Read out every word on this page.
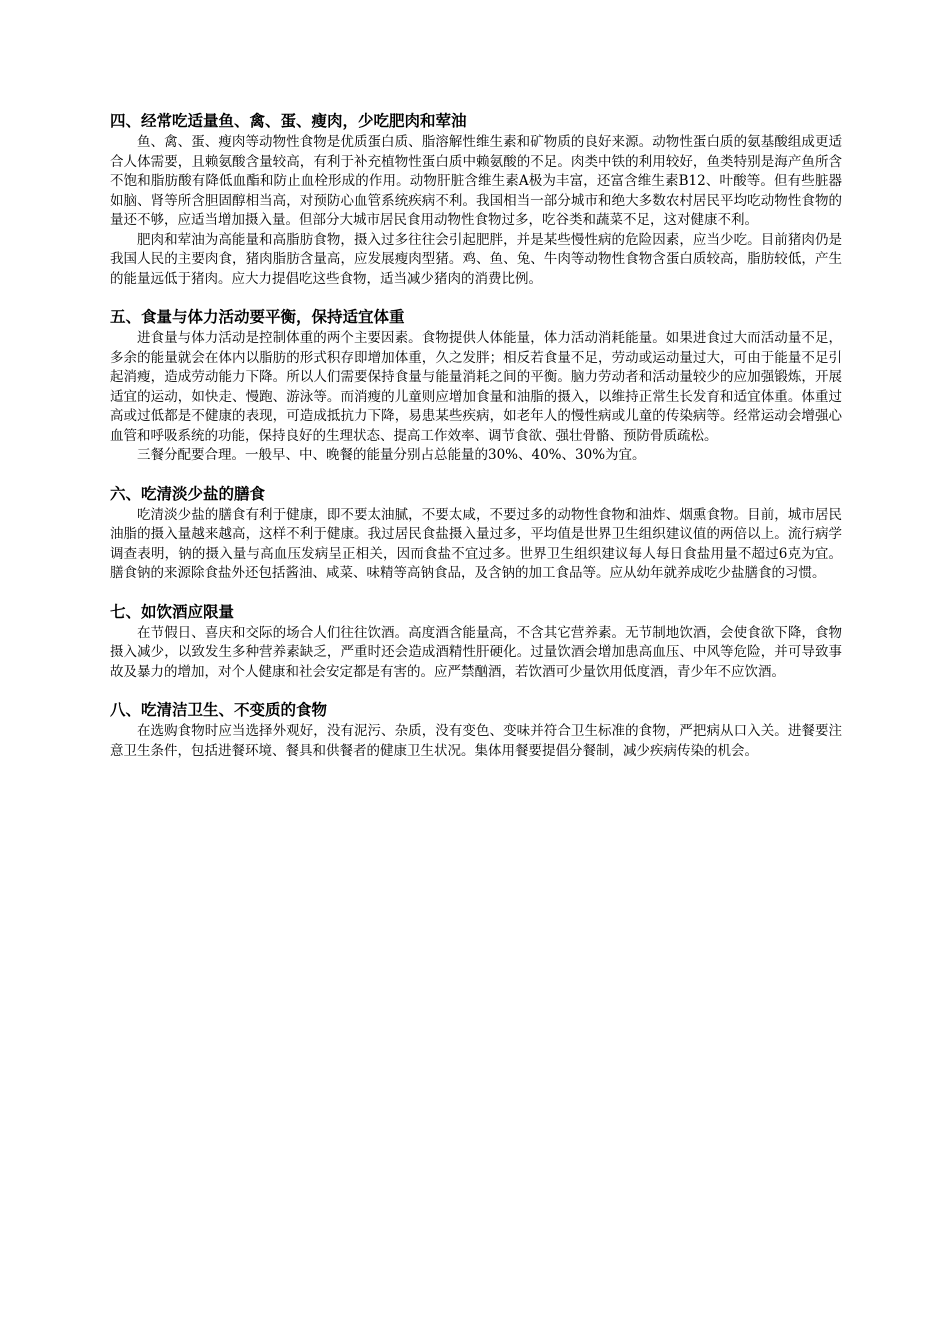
四、经常吃适量鱼、禽、蛋、瘦肉，少吃肥肉和荤油

鱼、禽、蛋、瘦肉等动物性食物是优质蛋白质、脂溶解性维生素和矿物质的良好来源。动物性蛋白质的氨基酸组成更适合人体需要，且赖氨酸含量较高，有利于补充植物性蛋白质中赖氨酸的不足。肉类中铁的利用较好，鱼类特别是海产鱼所含不饱和脂肪酸有降低血酯和防止血栓形成的作用。动物肝脏含维生素A极为丰富，还富含维生素B12、叶酸等。但有些脏器如脑、肾等所含胆固醇相当高，对预防心血管系统疾病不利。我国相当一部分城市和绝大多数农村居民平均吃动物性食物的量还不够，应适当增加摄入量。但部分大城市居民食用动物性食物过多，吃谷类和蔬菜不足，这对健康不利。

肥肉和荤油为高能量和高脂肪食物，摄入过多往往会引起肥胖，并是某些慢性病的危险因素，应当少吃。目前猪肉仍是我国人民的主要肉食，猪肉脂肪含量高，应发展瘦肉型猪。鸡、鱼、兔、牛肉等动物性食物含蛋白质较高，脂肪较低，产生的能量远低于猪肉。应大力提倡吃这些食物，适当减少猪肉的消费比例。

五、食量与体力活动要平衡，保持适宜体重

进食量与体力活动是控制体重的两个主要因素。食物提供人体能量，体力活动消耗能量。如果进食过大而活动量不足，多余的能量就会在体内以脂肪的形式积存即增加体重，久之发胖；相反若食量不足，劳动或运动量过大，可由于能量不足引起消瘦，造成劳动能力下降。所以人们需要保持食量与能量消耗之间的平衡。脑力劳动者和活动量较少的应加强锻炼，开展适宜的运动，如快走、慢跑、游泳等。而消瘦的儿童则应增加食量和油脂的摄入，以维持正常生长发育和适宜体重。体重过高或过低都是不健康的表现，可造成抵抗力下降，易患某些疾病，如老年人的慢性病或儿童的传染病等。经常运动会增强心血管和呼吸系统的功能，保持良好的生理状态、提高工作效率、调节食欲、强壮骨骼、预防骨质疏松。

三餐分配要合理。一般早、中、晚餐的能量分别占总能量的30%、40%、30%为宜。

六、吃清淡少盐的膳食

吃清淡少盐的膳食有利于健康，即不要太油腻，不要太咸，不要过多的动物性食物和油炸、烟熏食物。目前，城市居民油脂的摄入量越来越高，这样不利于健康。我过居民食盐摄入量过多，平均值是世界卫生组织建议值的两倍以上。流行病学调查表明，钠的摄入量与高血压发病呈正相关，因而食盐不宜过多。世界卫生组织建议每人每日食盐用量不超过6克为宜。膳食钠的来源除食盐外还包括酱油、咸菜、味精等高钠食品，及含钠的加工食品等。应从幼年就养成吃少盐膳食的习惯。

七、如饮酒应限量

在节假日、喜庆和交际的场合人们往往饮酒。高度酒含能量高，不含其它营养素。无节制地饮酒，会使食欲下降，食物摄入减少，以致发生多种营养素缺乏，严重时还会造成酒精性肝硬化。过量饮酒会增加患高血压、中风等危险，并可导致事故及暴力的增加，对个人健康和社会安定都是有害的。应严禁酗酒，若饮酒可少量饮用低度酒，青少年不应饮酒。

八、吃清洁卫生、不变质的食物

在选购食物时应当选择外观好，没有泥污、杂质，没有变色、变味并符合卫生标准的食物，严把病从口入关。进餐要注意卫生条件，包括进餐环境、餐具和供餐者的健康卫生状况。集体用餐要提倡分餐制，减少疾病传染的机会。
